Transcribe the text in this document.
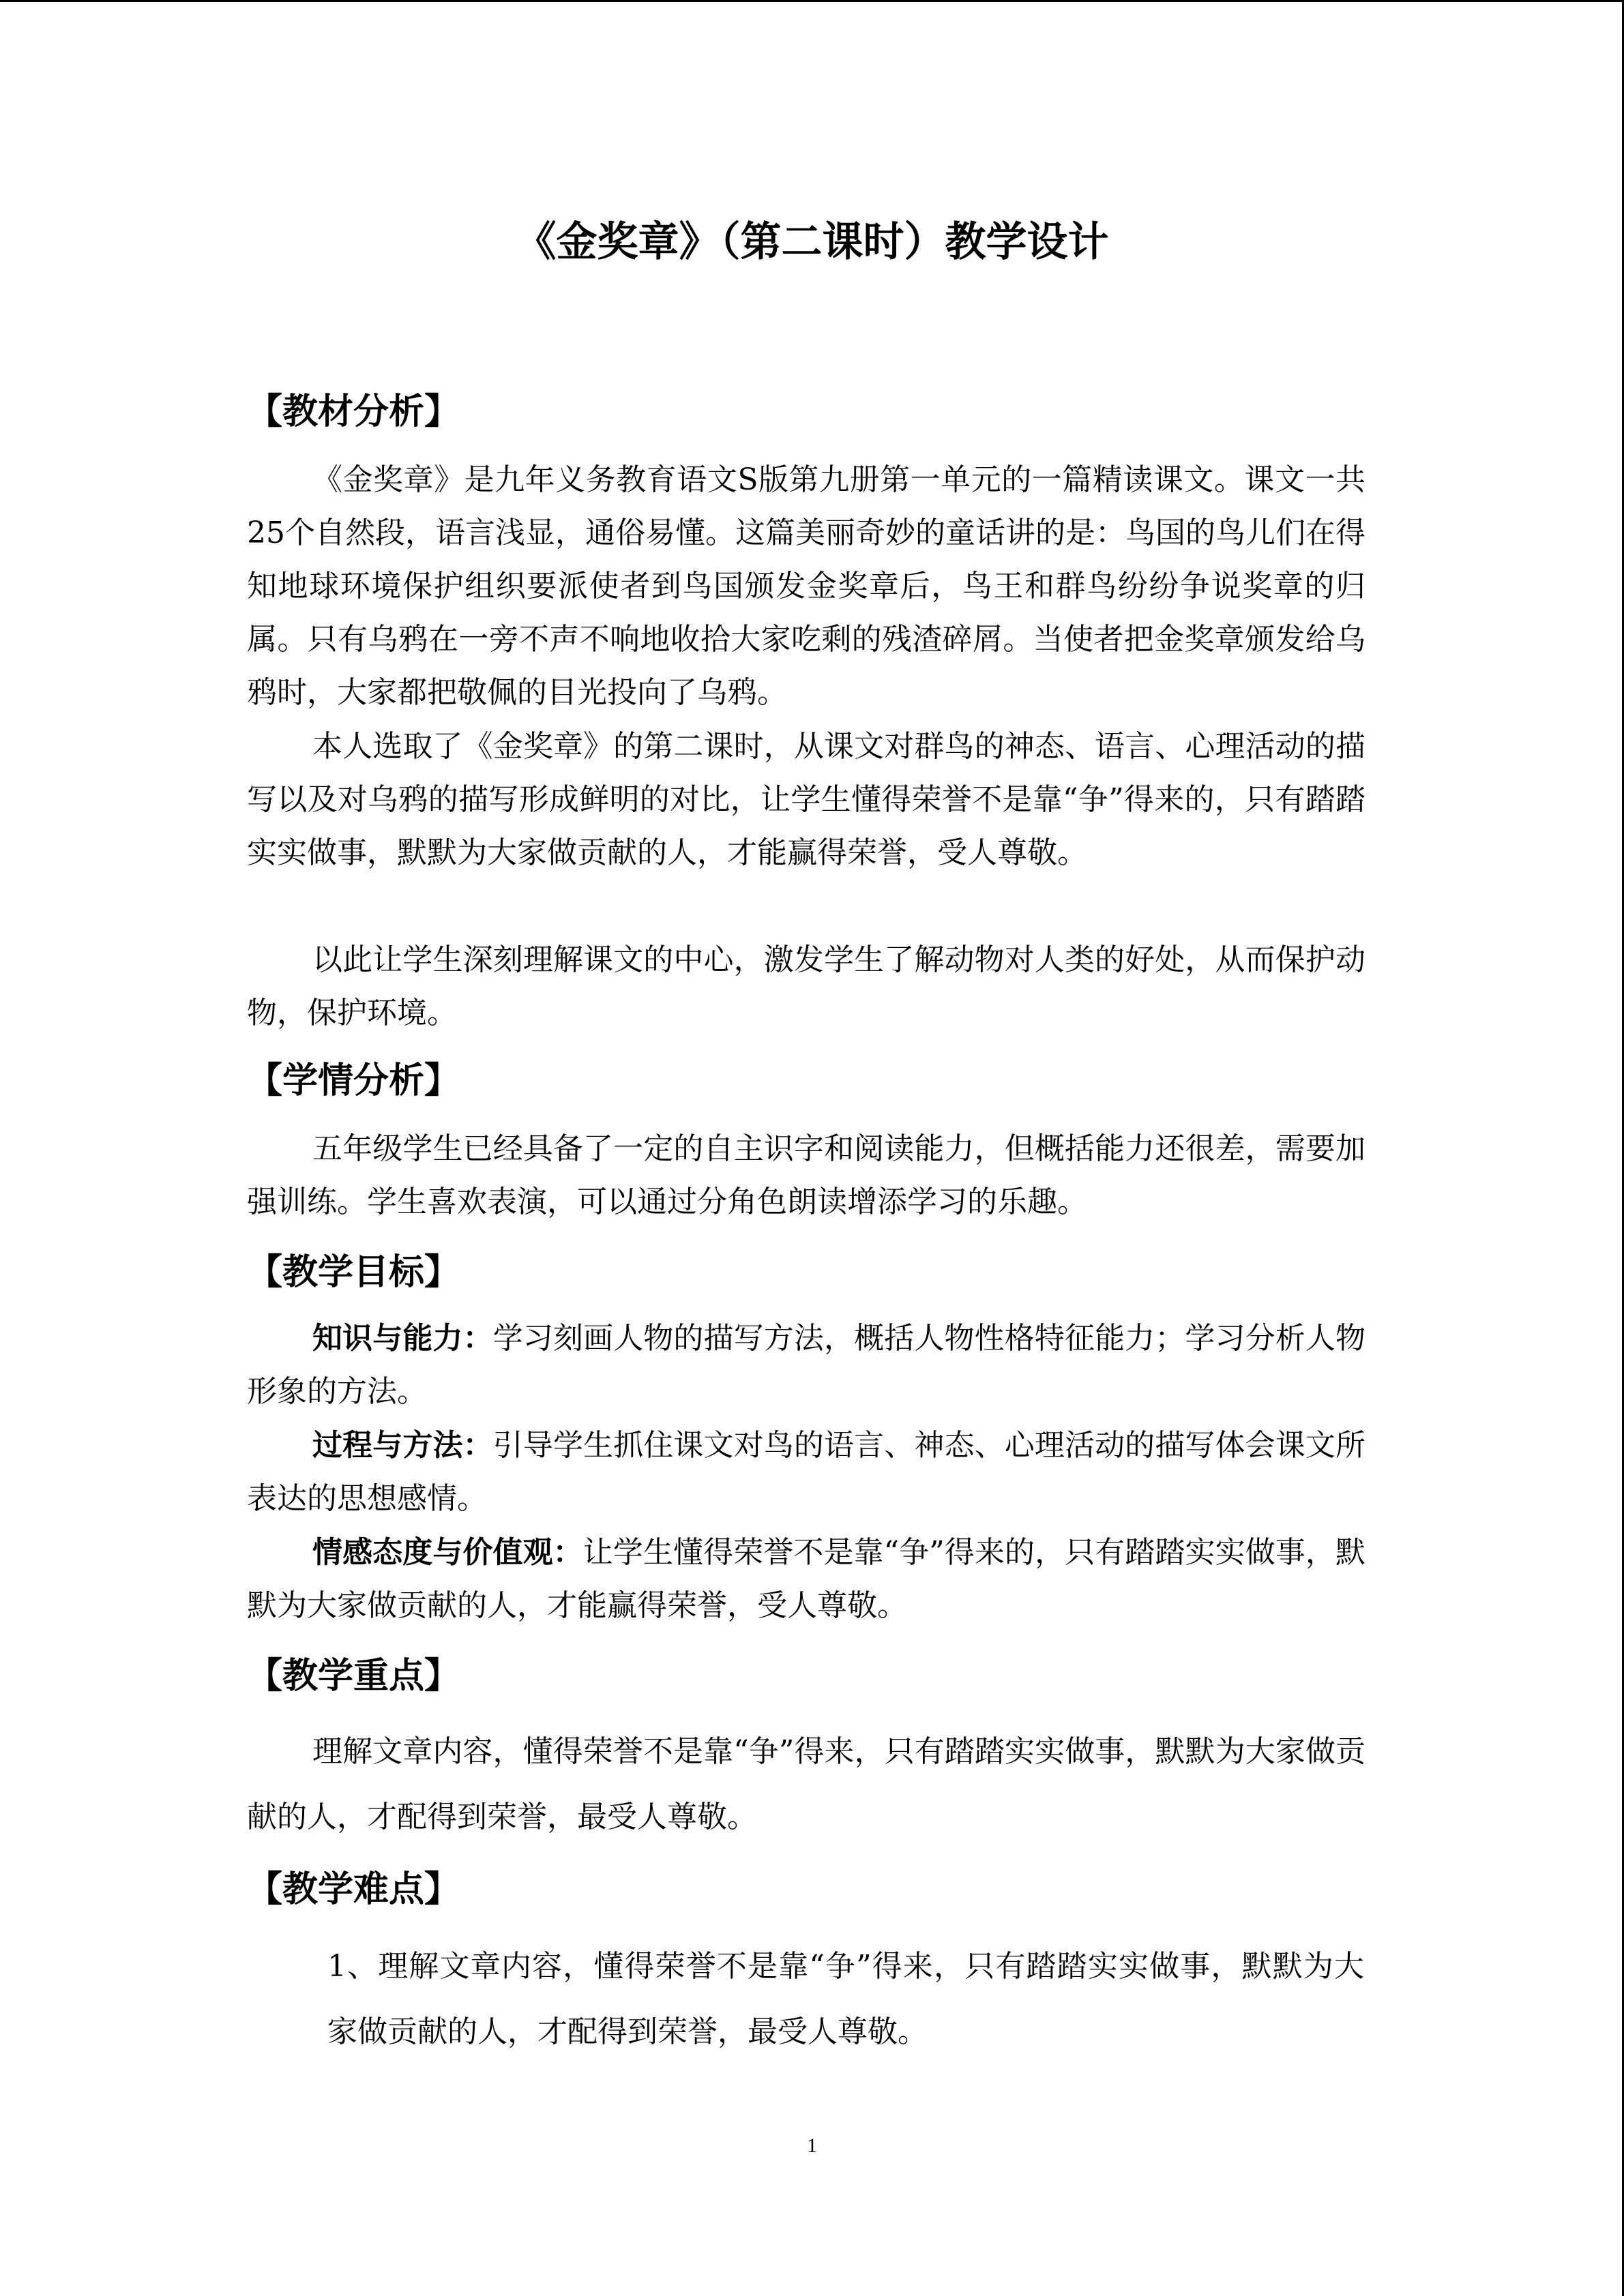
《金奖章》（第二课时）教学设计
【教材分析】
《金奖章》是九年义务教育语文S版第九册第一单元的一篇精读课文。课文一共25个自然段，语言浅显，通俗易懂。这篇美丽奇妙的童话讲的是：鸟国的鸟儿们在得知地球环境保护组织要派使者到鸟国颁发金奖章后，鸟王和群鸟纷纷争说奖章的归属。只有乌鸦在一旁不声不响地收拾大家吃剩的残渣碎屑。当使者把金奖章颁发给乌鸦时，大家都把敬佩的目光投向了乌鸦。
本人选取了《金奖章》的第二课时，从课文对群鸟的神态、语言、心理活动的描写以及对乌鸦的描写形成鲜明的对比，让学生懂得荣誉不是靠“争”得来的，只有踏踏实实做事，默默为大家做贡献的人，才能赢得荣誉，受人尊敬。
以此让学生深刻理解课文的中心，激发学生了解动物对人类的好处，从而保护动物，保护环境。
【学情分析】
五年级学生已经具备了一定的自主识字和阅读能力，但概括能力还很差，需要加强训练。学生喜欢表演，可以通过分角色朗读增添学习的乐趣。
【教学目标】
知识与能力：学习刻画人物的描写方法，概括人物性格特征能力；学习分析人物形象的方法。
过程与方法：引导学生抓住课文对鸟的语言、神态、心理活动的描写体会课文所表达的思想感情。
情感态度与价值观：让学生懂得荣誉不是靠“争”得来的，只有踏踏实实做事，默默为大家做贡献的人，才能赢得荣誉，受人尊敬。
【教学重点】
理解文章内容，懂得荣誉不是靠“争”得来，只有踏踏实实做事，默默为大家做贡献的人，才配得到荣誉，最受人尊敬。
【教学难点】
1、理解文章内容，懂得荣誉不是靠“争”得来，只有踏踏实实做事，默默为大家做贡献的人，才配得到荣誉，最受人尊敬。
1
